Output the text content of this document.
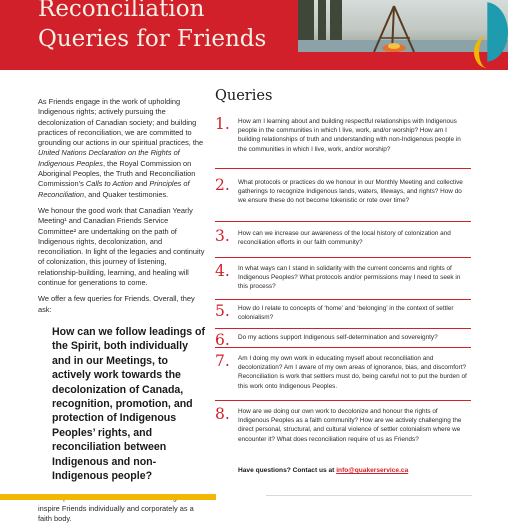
Reconciliation
Queries for Friends

As Friends engage in the work of upholding Indigenous rights; actively pursuing the decolonization of Canadian society; and building practices of reconciliation, we are committed to grounding our actions in our spiritual practices, the United Nations Declaration on the Rights of Indigenous Peoples, the Royal Commission on Aboriginal Peoples, the Truth and Reconciliation Commission’s Calls to Action and Principles of Reconciliation, and Quaker testimonies.

We honour the good work that Canadian Yearly Meeting¹ and Canadian Friends Service Committee² are undertaking on the path of Indigenous rights, decolonization, and reconciliation. In light of the legacies and continuity of colonization, this journey of listening, relationship-building, learning, and healing will continue for generations to come.

We offer a few queries for Friends. Overall, they ask:

How can we follow leadings of the Spirit, both individually and in our Meetings, to actively work towards the decolonization of Canada, recognition, promotion, and protection of Indigenous Peoples’ rights, and reconciliation between Indigenous and non-Indigenous people?

inspire Friends individually and corporately as a faith body.

Queries
1. How am I learning about and building respectful relationships with Indigenous people in the communities in which I live, work, and/or worship? How am I building relationships of truth and understanding with non-Indigenous people in the communities in which I live, work, and/or worship?
2. What protocols or practices do we honour in our Monthly Meeting and collective gatherings to recognize Indigenous lands, waters, lifeways, and rights? How do we ensure these do not become tokenistic or rote over time?
3. How can we increase our awareness of the local history of colonization and reconciliation efforts in our faith community?
4. In what ways can I stand in solidarity with the current concerns and rights of Indigenous Peoples? What protocols and/or permissions may I need to seek in this process?
5. How do I relate to concepts of ‘home’ and ‘belonging’ in the context of settler colonialism?
6. Do my actions support Indigenous self-determination and sovereignty?
7. Am I doing my own work in educating myself about reconciliation and decolonization? Am I aware of my own areas of ignorance, bias, and discomfort? Reconciliation is work that settlers must do, being careful not to put the burden of this work onto Indigenous Peoples.
8. How are we doing our own work to decolonize and honour the rights of Indigenous Peoples as a faith community? How are we actively challenging the direct personal, structural, and cultural violence of settler colonialism where we encounter it? What does reconciliation require of us as Friends?
Have questions? Contact us at info@quakerservice.ca
